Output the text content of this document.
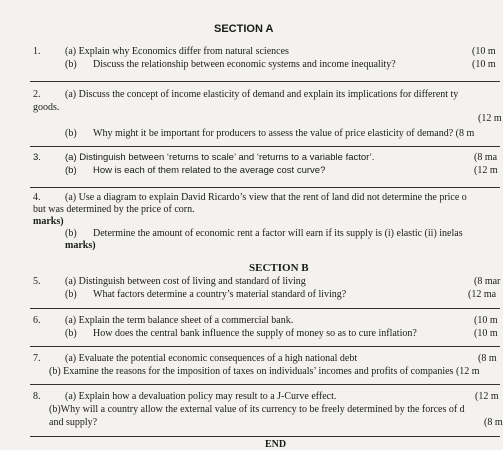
SECTION A
1. (a) Explain why Economics differ from natural sciences	(10 m
(b) Discuss the relationship between economic systems and income inequality?	(10 m
2. (a) Discuss the concept of income elasticity of demand and explain its implications for different ty
goods.
(12 m
(b) Why might it be important for producers to assess the value of price elasticity of demand? (8 m
3.	(a) Distinguish between ‘returns to scale’ and ‘returns to a variable factor’.	(8 ma
(b) How is each of them related to the average cost curve?	(12 m
4. (a) Use a diagram to explain David Ricardo’s view that the rent of land did not determine the price o
but was determined by the price of corn.
marks)
(b) Determine the amount of economic rent a factor will earn if its supply is (i) elastic (ii) inelas
marks)
SECTION B
5. (a) Distinguish between cost of living and standard of living	(8 mar
(b) What factors determine a country’s material standard of living?	(12 ma
6. (a) Explain the term balance sheet of a commercial bank.	(10 m
(b) How does the central bank influence the supply of money so as to cure inflation?	(10 m
7. (a) Evaluate the potential economic consequences of a high national debt	(8 m
(b) Examine the reasons for the imposition of taxes on individuals’ incomes and profits of companies (12 m
8. (a) Explain how a devaluation policy may result to a J-Curve effect.	(12 m
(b)Why will a country allow the external value of its currency to be freely determined by the forces of d
and supply?	(8 m
END
